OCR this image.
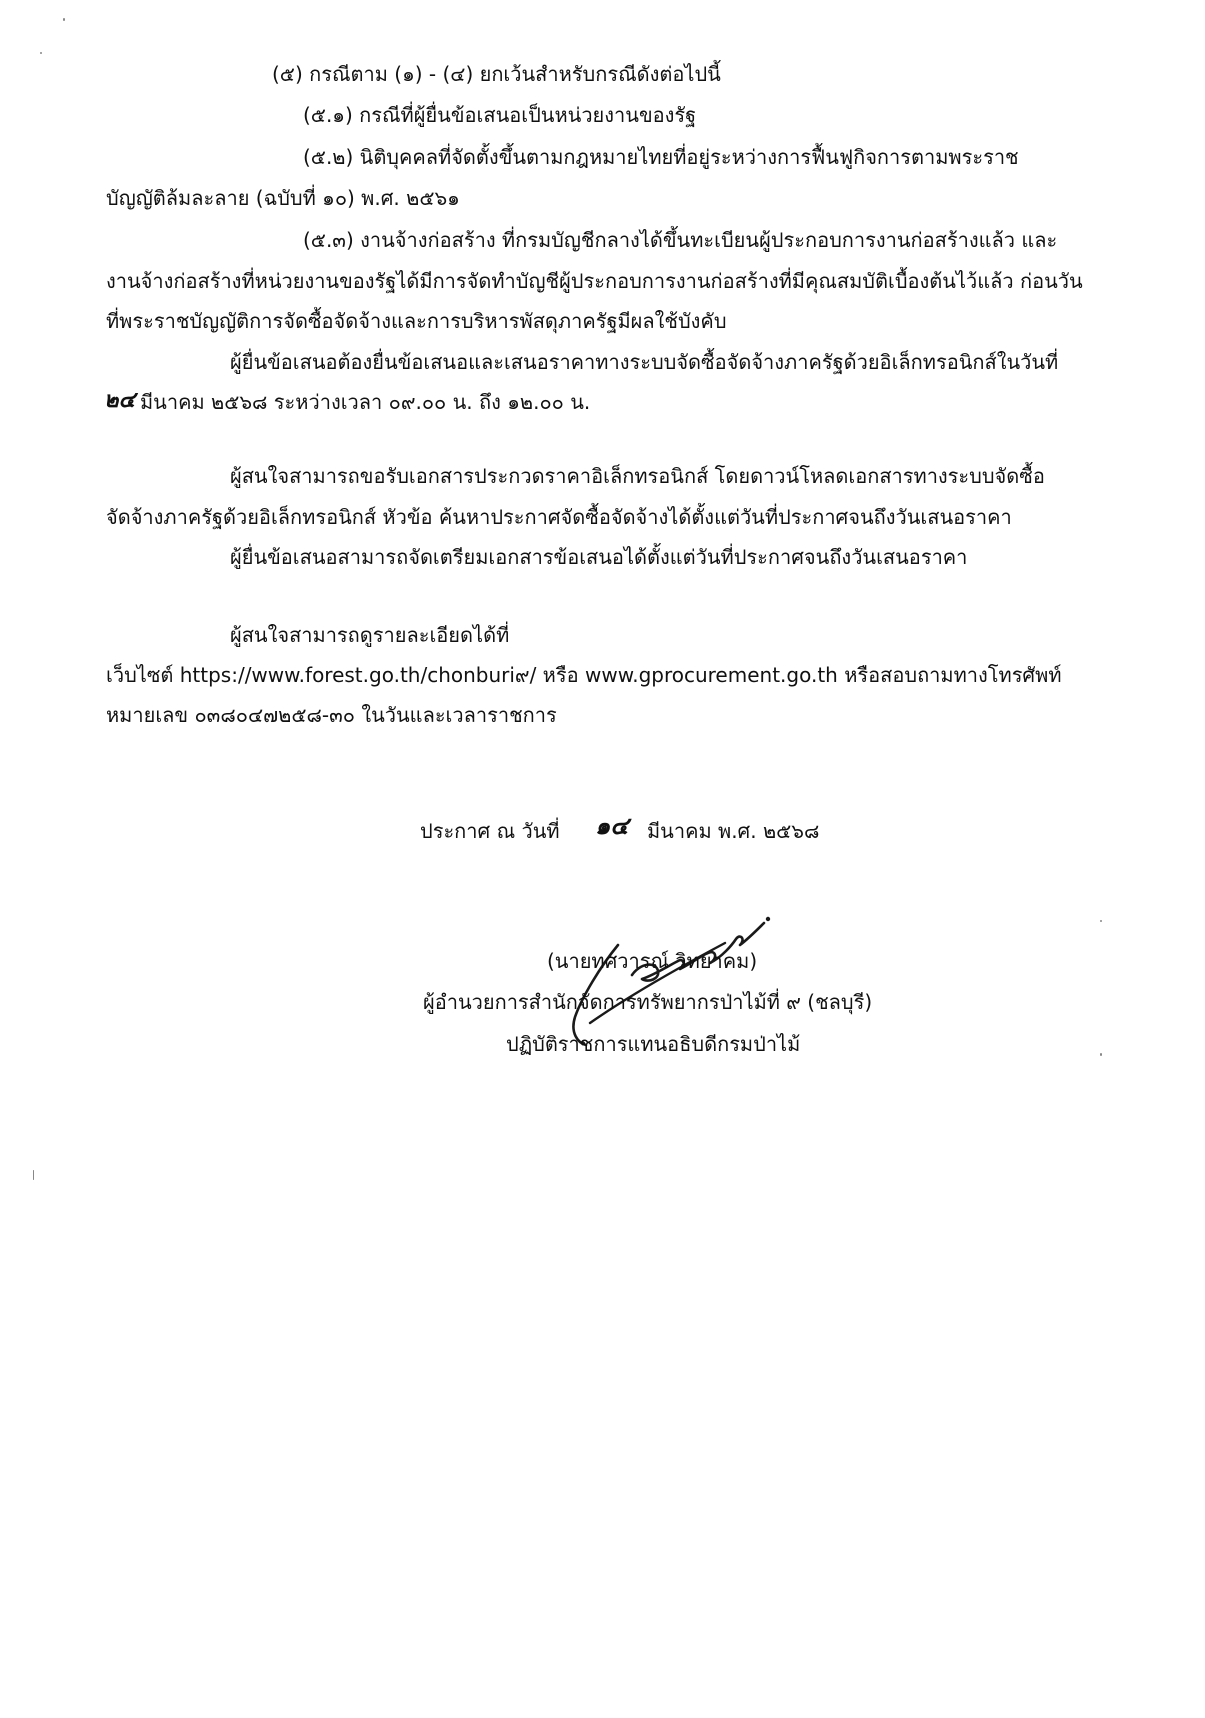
(๕) กรณีตาม (๑) - (๔) ยกเว้นสำหรับกรณีดังต่อไปนี้
(๕.๑) กรณีที่ผู้ยื่นข้อเสนอเป็นหน่วยงานของรัฐ
(๕.๒) นิติบุคคลที่จัดตั้งขึ้นตามกฎหมายไทยที่อยู่ระหว่างการฟื้นฟูกิจการตามพระราช
บัญญัติล้มละลาย (ฉบับที่ ๑๐) พ.ศ. ๒๕๖๑
(๕.๓) งานจ้างก่อสร้าง ที่กรมบัญชีกลางได้ขึ้นทะเบียนผู้ประกอบการงานก่อสร้างแล้ว และ
งานจ้างก่อสร้างที่หน่วยงานของรัฐได้มีการจัดทำบัญชีผู้ประกอบการงานก่อสร้างที่มีคุณสมบัติเบื้องต้นไว้แล้ว ก่อนวัน
ที่พระราชบัญญัติการจัดซื้อจัดจ้างและการบริหารพัสดุภาครัฐมีผลใช้บังคับ
ผู้ยื่นข้อเสนอต้องยื่นข้อเสนอและเสนอราคาทางระบบจัดซื้อจัดจ้างภาครัฐด้วยอิเล็กทรอนิกส์ในวันที่
๒๔ มีนาคม ๒๕๖๘ ระหว่างเวลา ๐๙.๐๐ น. ถึง ๑๒.๐๐ น.
ผู้สนใจสามารถขอรับเอกสารประกวดราคาอิเล็กทรอนิกส์ โดยดาวน์โหลดเอกสารทางระบบจัดซื้อ
จัดจ้างภาครัฐด้วยอิเล็กทรอนิกส์ หัวข้อ ค้นหาประกาศจัดซื้อจัดจ้างได้ตั้งแต่วันที่ประกาศจนถึงวันเสนอราคา
ผู้ยื่นข้อเสนอสามารถจัดเตรียมเอกสารข้อเสนอได้ตั้งแต่วันที่ประกาศจนถึงวันเสนอราคา
ผู้สนใจสามารถดูรายละเอียดได้ที่
เว็บไซต์ https://www.forest.go.th/chonburi๙/ หรือ www.gprocurement.go.th หรือสอบถามทางโทรศัพท์
หมายเลข ๐๓๘๐๔๗๒๕๘-๓๐ ในวันและเวลาราชการ
ประกาศ ณ วันที่ ๑๔ มีนาคม พ.ศ. ๒๕๖๘
(นายทศวารณ์ วิทยาคม)
ผู้อำนวยการสำนักจัดการทรัพยากรป่าไม้ที่ ๙ (ชลบุรี)
ปฏิบัติราชการแทนอธิบดีกรมป่าไม้
